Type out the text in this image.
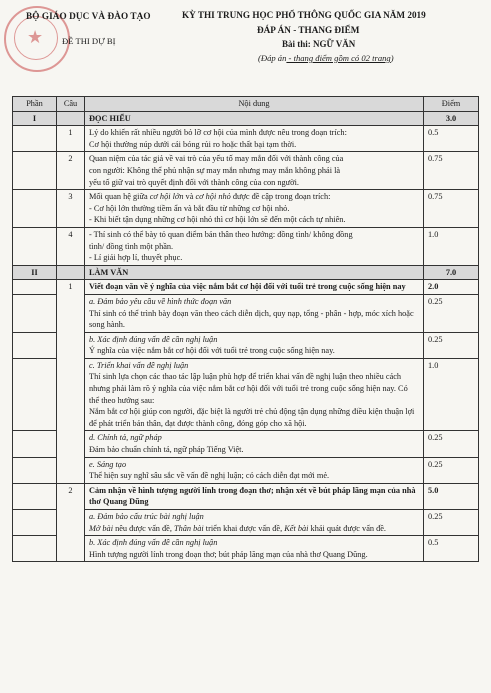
★
BỘ GIÁO DỤC VÀ ĐÀO TẠO
ĐỀ THI DỰ BỊ
KỲ THI TRUNG HỌC PHỔ THÔNG QUỐC GIA NĂM 2019
ĐÁP ÁN - THANG ĐIỂM
Bài thi: NGỮ VĂN
(Đáp án - thang điểm gồm có 02 trang)
Phần	Câu	Nội dung	Điểm
I		ĐỌC HIỂU	3.0
	1	Lý do khiến rất nhiều người bỏ lỡ cơ hội của mình được nêu trong đoạn trích:

Cơ hội thường núp dưới cái bóng rủi ro hoặc thất bại tạm thời.	0.5
	2	Quan niệm của tác giả về vai trò của yếu tố may mắn đối với thành công của

con người: Không thể phủ nhận sự may mắn nhưng may mắn không phải là

yếu tố giữ vai trò quyết định đối với thành công của con người.	0.75
	3	Mối quan hệ giữa cơ hội lớn và cơ hội nhỏ được đề cập trong đoạn trích:

- Cơ hội lớn thường tiềm ẩn và bắt đầu từ những cơ hội nhỏ.

- Khi biết tận dụng những cơ hội nhỏ thì cơ hội lớn sẽ đến một cách tự nhiên.	0.75
	4	- Thí sinh có thể bày tỏ quan điểm bản thân theo hướng: đồng tình/ không đồng

tình/ đồng tình một phần.

- Lí giải hợp lí, thuyết phục.	1.0
II		LÀM VĂN	7.0
	1	Viết đoạn văn về ý nghĩa của việc nắm bắt cơ hội đối với tuổi trẻ trong cuộc sống hiện nay	2.0

		a. Đảm bảo yêu cầu về hình thức đoạn văn

Thí sinh có thể trình bày đoạn văn theo cách diễn dịch, quy nạp, tổng - phân - hợp, móc xích hoặc song hành.	0.25

		b. Xác định đúng vấn đề cần nghị luận

Ý nghĩa của việc nắm bắt cơ hội đối với tuổi trẻ trong cuộc sống hiện nay.	0.25

		c. Triển khai vấn đề nghị luận

Thí sinh lựa chọn các thao tác lập luận phù hợp để triển khai vấn đề nghị luận theo nhiều cách nhưng phải làm rõ ý nghĩa của việc nắm bắt cơ hội đối với tuổi trẻ trong cuộc sống hiện nay. Có thể theo hướng sau:

Nắm bắt cơ hội giúp con người, đặc biệt là người trẻ chủ động tận dụng những điều kiện thuận lợi để phát triển bản thân, đạt được thành công, đóng góp cho xã hội.	1.0

		d. Chính tả, ngữ pháp

Đảm bảo chuẩn chính tả, ngữ pháp Tiếng Việt.	0.25

		e. Sáng tạo

Thể hiện suy nghĩ sâu sắc về vấn đề nghị luận; có cách diễn đạt mới mẻ.	0.25
	2	Cảm nhận về hình tượng người lính trong đoạn thơ; nhận xét về bút pháp lãng mạn của nhà thơ Quang Dũng	5.0

		a. Đảm bảo cấu trúc bài nghị luận

Mở bài nêu được vấn đề, Thân bài triển khai được vấn đề, Kết bài khái quát được vấn đề.	0.25

		b. Xác định đúng vấn đề cần nghị luận

Hình tượng người lính trong đoạn thơ; bút pháp lãng mạn của nhà thơ Quang Dũng.	0.5
